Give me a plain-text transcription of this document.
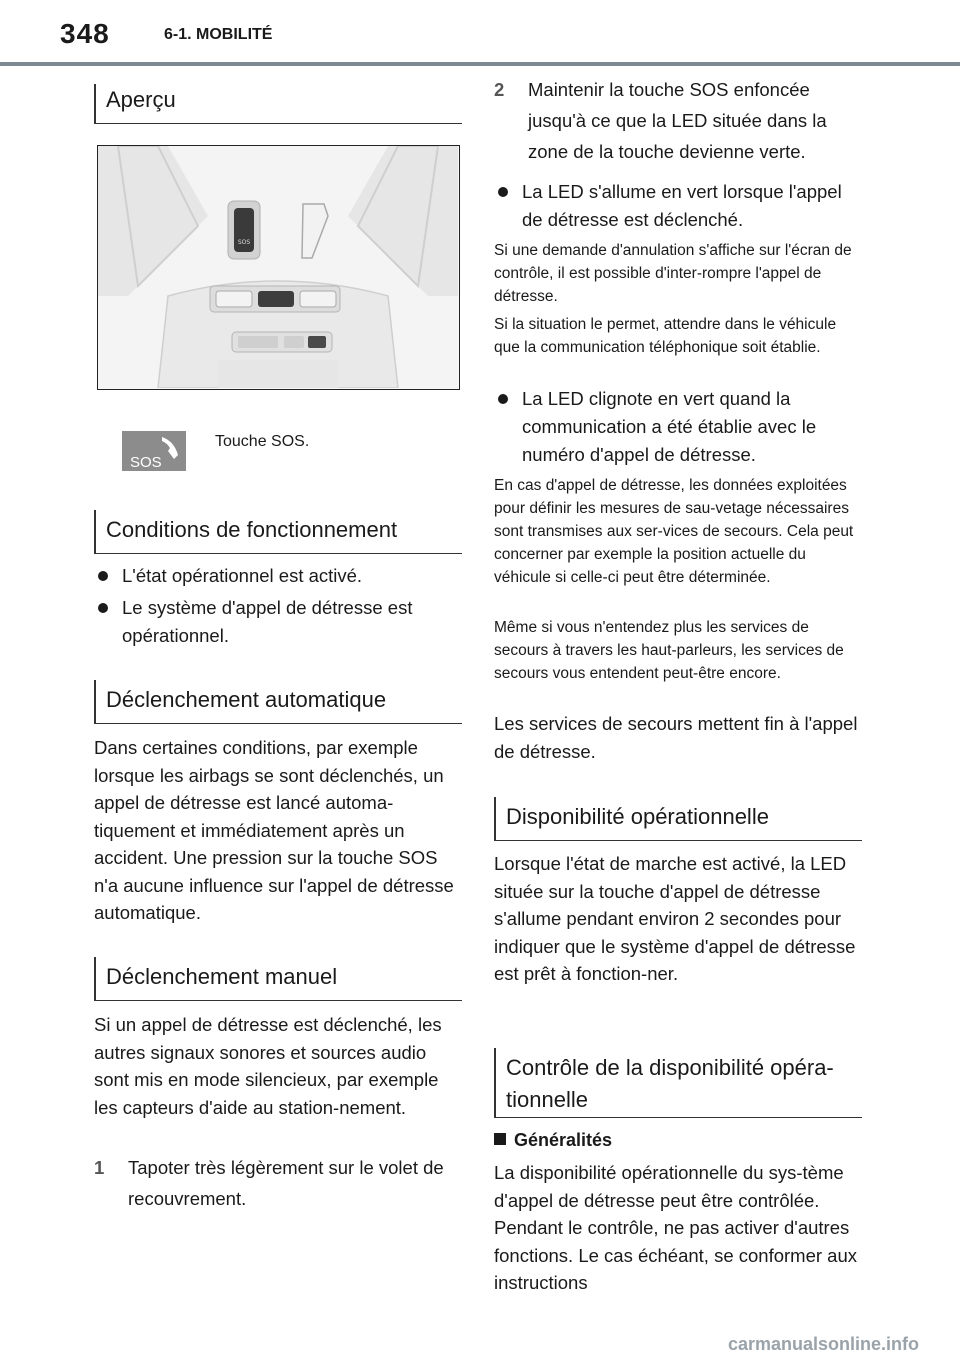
348	6-1. MOBILITÉ
Aperçu
SOS
SOS
Touche SOS.
Conditions de fonctionnement
L'état opérationnel est activé.
Le système d'appel de détresse est opérationnel.
Déclenchement automatique
Dans certaines conditions, par exemple lorsque les airbags se sont déclenchés, un appel de détresse est lancé automa-tiquement et immédiatement après un accident. Une pression sur la touche SOS n'a aucune influence sur l'appel de détresse automatique.
Déclenchement manuel
Si un appel de détresse est déclenché, les autres signaux sonores et sources audio sont mis en mode silencieux, par exemple les capteurs d'aide au station-nement.
1 Tapoter très légèrement sur le volet de recouvrement.
2 Maintenir la touche SOS enfoncée jusqu'à ce que la LED située dans la zone de la touche devienne verte.
La LED s'allume en vert lorsque l'appel de détresse est déclenché.
Si une demande d'annulation s'affiche sur l'écran de contrôle, il est possible d'inter-rompre l'appel de détresse.
Si la situation le permet, attendre dans le véhicule que la communication téléphonique soit établie.
La LED clignote en vert quand la communication a été établie avec le numéro d'appel de détresse.
En cas d'appel de détresse, les données exploitées pour définir les mesures de sau-vetage nécessaires sont transmises aux ser-vices de secours. Cela peut concerner par exemple la position actuelle du véhicule si celle-ci peut être déterminée.
Même si vous n'entendez plus les services de secours à travers les haut-parleurs, les services de secours vous entendent peut-être encore.
Les services de secours mettent fin à l'appel de détresse.
Disponibilité opérationnelle
Lorsque l'état de marche est activé, la LED située sur la touche d'appel de détresse s'allume pendant environ 2 secondes pour indiquer que le système d'appel de détresse est prêt à fonction-ner.
Contrôle de la disponibilité opéra-tionnelle
Généralités
La disponibilité opérationnelle du sys-tème d'appel de détresse peut être contrôlée. Pendant le contrôle, ne pas activer d'autres fonctions. Le cas échéant, se conformer aux instructions
carmanualsonline.info
